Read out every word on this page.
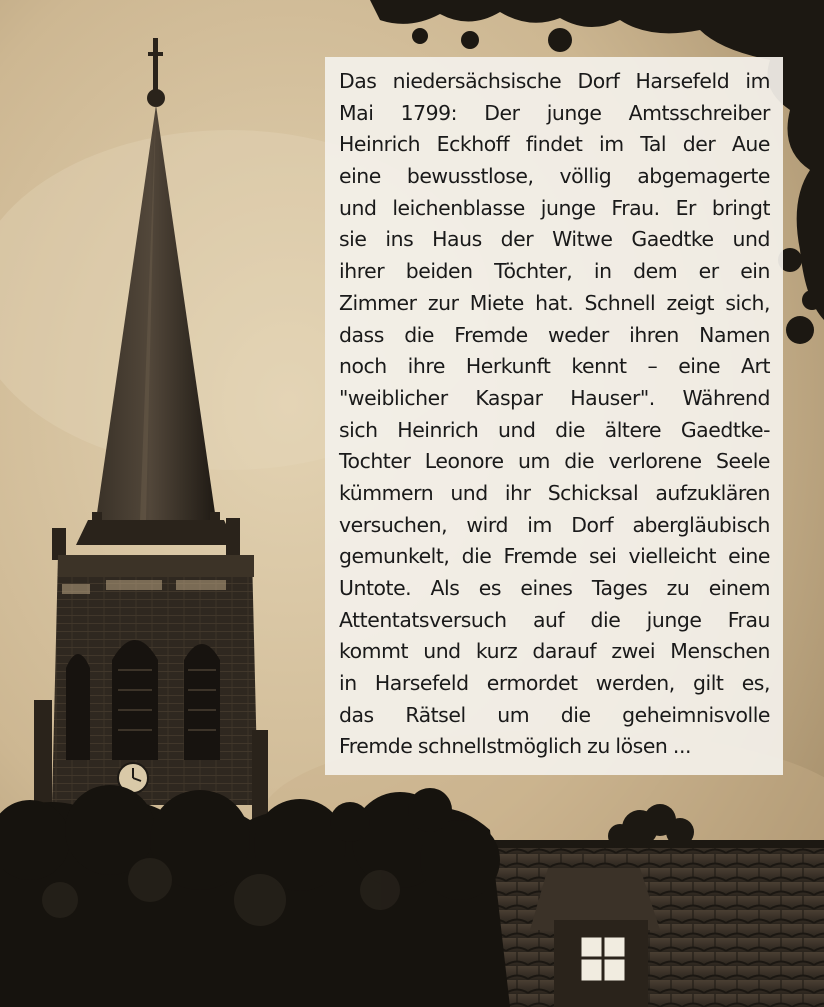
Das niedersächsische Dorf Harsefeld im
Mai 1799: Der junge Amtsschreiber
Heinrich Eckhoff findet im Tal der Aue
eine bewusstlose, völlig abgemagerte
und leichenblasse junge Frau. Er bringt
sie ins Haus der Witwe Gaedtke und
ihrer beiden Töchter, in dem er ein
Zimmer zur Miete hat. Schnell zeigt sich,
dass die Fremde weder ihren Namen
noch ihre Herkunft kennt – eine Art
"weiblicher Kaspar Hauser". Während
sich Heinrich und die ältere Gaedtke-
Tochter Leonore um die verlorene Seele
kümmern und ihr Schicksal aufzuklären
versuchen, wird im Dorf abergläubisch
gemunkelt, die Fremde sei vielleicht eine
Untote. Als es eines Tages zu einem
Attentatsversuch auf die junge Frau
kommt und kurz darauf zwei Menschen
in Harsefeld ermordet werden, gilt es,
das Rätsel um die geheimnisvolle
Fremde schnellstmöglich zu lösen ...
